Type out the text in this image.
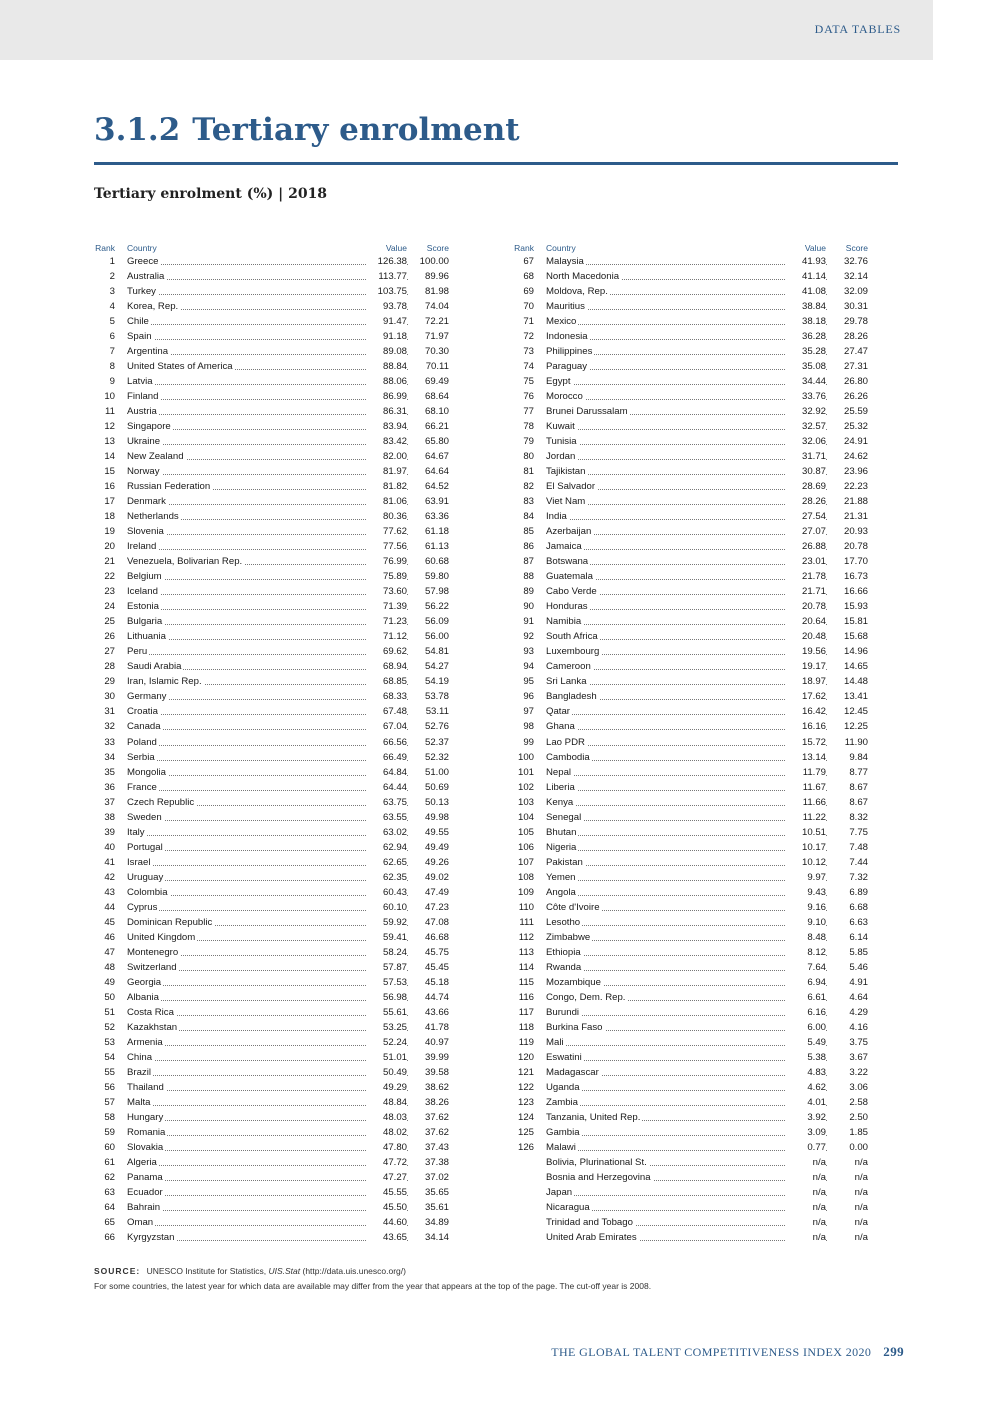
DATA TABLES
3.1.2 Tertiary enrolment
Tertiary enrolment (%) | 2018
Rank Country	Value	Score
1 Greece	126.38	100.00
2 Australia	113.77	89.96
3 Turkey	103.75	81.98
4 Korea, Rep.	93.78	74.04
5 Chile	91.47	72.21
6 Spain	91.18	71.97
7 Argentina	89.08	70.30
8 United States of America	88.84	70.11
9 Latvia	88.06	69.49
10 Finland	86.99	68.64
11 Austria	86.31	68.10
12 Singapore	83.94	66.21
13 Ukraine	83.42	65.80
14 New Zealand	82.00	64.67
15 Norway	81.97	64.64
16 Russian Federation	81.82	64.52
17 Denmark	81.06	63.91
18 Netherlands	80.36	63.36
19 Slovenia	77.62	61.18
20 Ireland	77.56	61.13
21 Venezuela, Bolivarian Rep.	76.99	60.68
22 Belgium	75.89	59.80
23 Iceland	73.60	57.98
24 Estonia	71.39	56.22
25 Bulgaria	71.23	56.09
26 Lithuania	71.12	56.00
27 Peru	69.62	54.81
28 Saudi Arabia	68.94	54.27
29 Iran, Islamic Rep.	68.85	54.19
30 Germany	68.33	53.78
31 Croatia	67.48	53.11
32 Canada	67.04	52.76
33 Poland	66.56	52.37
34 Serbia	66.49	52.32
35 Mongolia	64.84	51.00
36 France	64.44	50.69
37 Czech Republic	63.75	50.13
38 Sweden	63.55	49.98
39 Italy	63.02	49.55
40 Portugal	62.94	49.49
41 Israel	62.65	49.26
42 Uruguay	62.35	49.02
43 Colombia	60.43	47.49
44 Cyprus	60.10	47.23
45 Dominican Republic	59.92	47.08
46 United Kingdom	59.41	46.68
47 Montenegro	58.24	45.75
48 Switzerland	57.87	45.45
49 Georgia	57.53	45.18
50 Albania	56.98	44.74
51 Costa Rica	55.61	43.66
52 Kazakhstan	53.25	41.78
53 Armenia	52.24	40.97
54 China	51.01	39.99
55 Brazil	50.49	39.58
56 Thailand	49.29	38.62
57 Malta	48.84	38.26
58 Hungary	48.03	37.62
59 Romania	48.02	37.62
60 Slovakia	47.80	37.43
61 Algeria	47.72	37.38
62 Panama	47.27	37.02
63 Ecuador	45.55	35.65
64 Bahrain	45.50	35.61
65 Oman	44.60	34.89
66 Kyrgyzstan	43.65	34.14
Rank Country	Value	Score
67 Malaysia	41.93	32.76
68 North Macedonia	41.14	32.14
69 Moldova, Rep.	41.08	32.09
70 Mauritius	38.84	30.31
71 Mexico	38.18	29.78
72 Indonesia	36.28	28.26
73 Philippines	35.28	27.47
74 Paraguay	35.08	27.31
75 Egypt	34.44	26.80
76 Morocco	33.76	26.26
77 Brunei Darussalam	32.92	25.59
78 Kuwait	32.57	25.32
79 Tunisia	32.06	24.91
80 Jordan	31.71	24.62
81 Tajikistan	30.87	23.96
82 El Salvador	28.69	22.23
83 Viet Nam	28.26	21.88
84 India	27.54	21.31
85 Azerbaijan	27.07	20.93
86 Jamaica	26.88	20.78
87 Botswana	23.01	17.70
88 Guatemala	21.78	16.73
89 Cabo Verde	21.71	16.66
90 Honduras	20.78	15.93
91 Namibia	20.64	15.81
92 South Africa	20.48	15.68
93 Luxembourg	19.56	14.96
94 Cameroon	19.17	14.65
95 Sri Lanka	18.97	14.48
96 Bangladesh	17.62	13.41
97 Qatar	16.42	12.45
98 Ghana	16.16	12.25
99 Lao PDR	15.72	11.90
100 Cambodia	13.14	9.84
101 Nepal	11.79	8.77
102 Liberia	11.67	8.67
103 Kenya	11.66	8.67
104 Senegal	11.22	8.32
105 Bhutan	10.51	7.75
106 Nigeria	10.17	7.48
107 Pakistan	10.12	7.44
108 Yemen	9.97	7.32
109 Angola	9.43	6.89
110 Côte d'Ivoire	9.16	6.68
111 Lesotho	9.10	6.63
112 Zimbabwe	8.48	6.14
113 Ethiopia	8.12	5.85
114 Rwanda	7.64	5.46
115 Mozambique	6.94	4.91
116 Congo, Dem. Rep.	6.61	4.64
117 Burundi	6.16	4.29
118 Burkina Faso	6.00	4.16
119 Mali	5.49	3.75
120 Eswatini	5.38	3.67
121 Madagascar	4.83	3.22
122 Uganda	4.62	3.06
123 Zambia	4.01	2.58
124 Tanzania, United Rep.	3.92	2.50
125 Gambia	3.09	1.85
126 Malawi	0.77	0.00
Bolivia, Plurinational St.	n/a	n/a
Bosnia and Herzegovina	n/a	n/a
Japan	n/a	n/a
Nicaragua	n/a	n/a
Trinidad and Tobago	n/a	n/a
United Arab Emirates	n/a	n/a
SOURCE: UNESCO Institute for Statistics, UIS.Stat (http://data.uis.unesco.org/)
For some countries, the latest year for which data are available may differ from the year that appears at the top of the page. The cut-off year is 2008.
THE GLOBAL TALENT COMPETITIVENESS INDEX 2020 299
